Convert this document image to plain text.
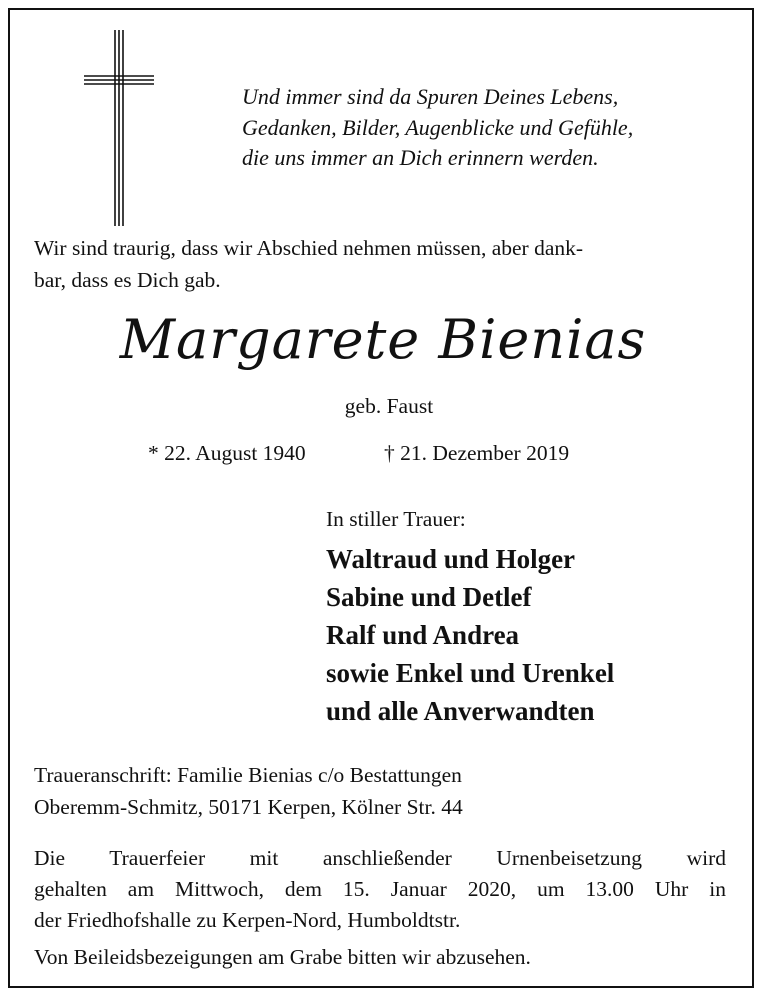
Und immer sind da Spuren Deines Lebens,
Gedanken, Bilder, Augenblicke und Gefühle,
die uns immer an Dich erinnern werden.
Wir sind traurig, dass wir Abschied nehmen müssen, aber dank-
bar, dass es Dich gab.
Margarete Bienias
geb. Faust
* 22. August 1940	† 21. Dezember 2019
In stiller Trauer:
Waltraud und Holger
Sabine und Detlef
Ralf und Andrea
sowie Enkel und Urenkel
und alle Anverwandten
Traueranschrift: Familie Bienias c/o Bestattungen
Oberemm-Schmitz, 50171 Kerpen, Kölner Str. 44
Die Trauerfeier mit anschließender Urnenbeisetzung wird
gehalten am Mittwoch, dem 15. Januar 2020, um 13.00 Uhr in
der Friedhofshalle zu Kerpen-Nord, Humboldtstr.
Von Beileidsbezeigungen am Grabe bitten wir abzusehen.
